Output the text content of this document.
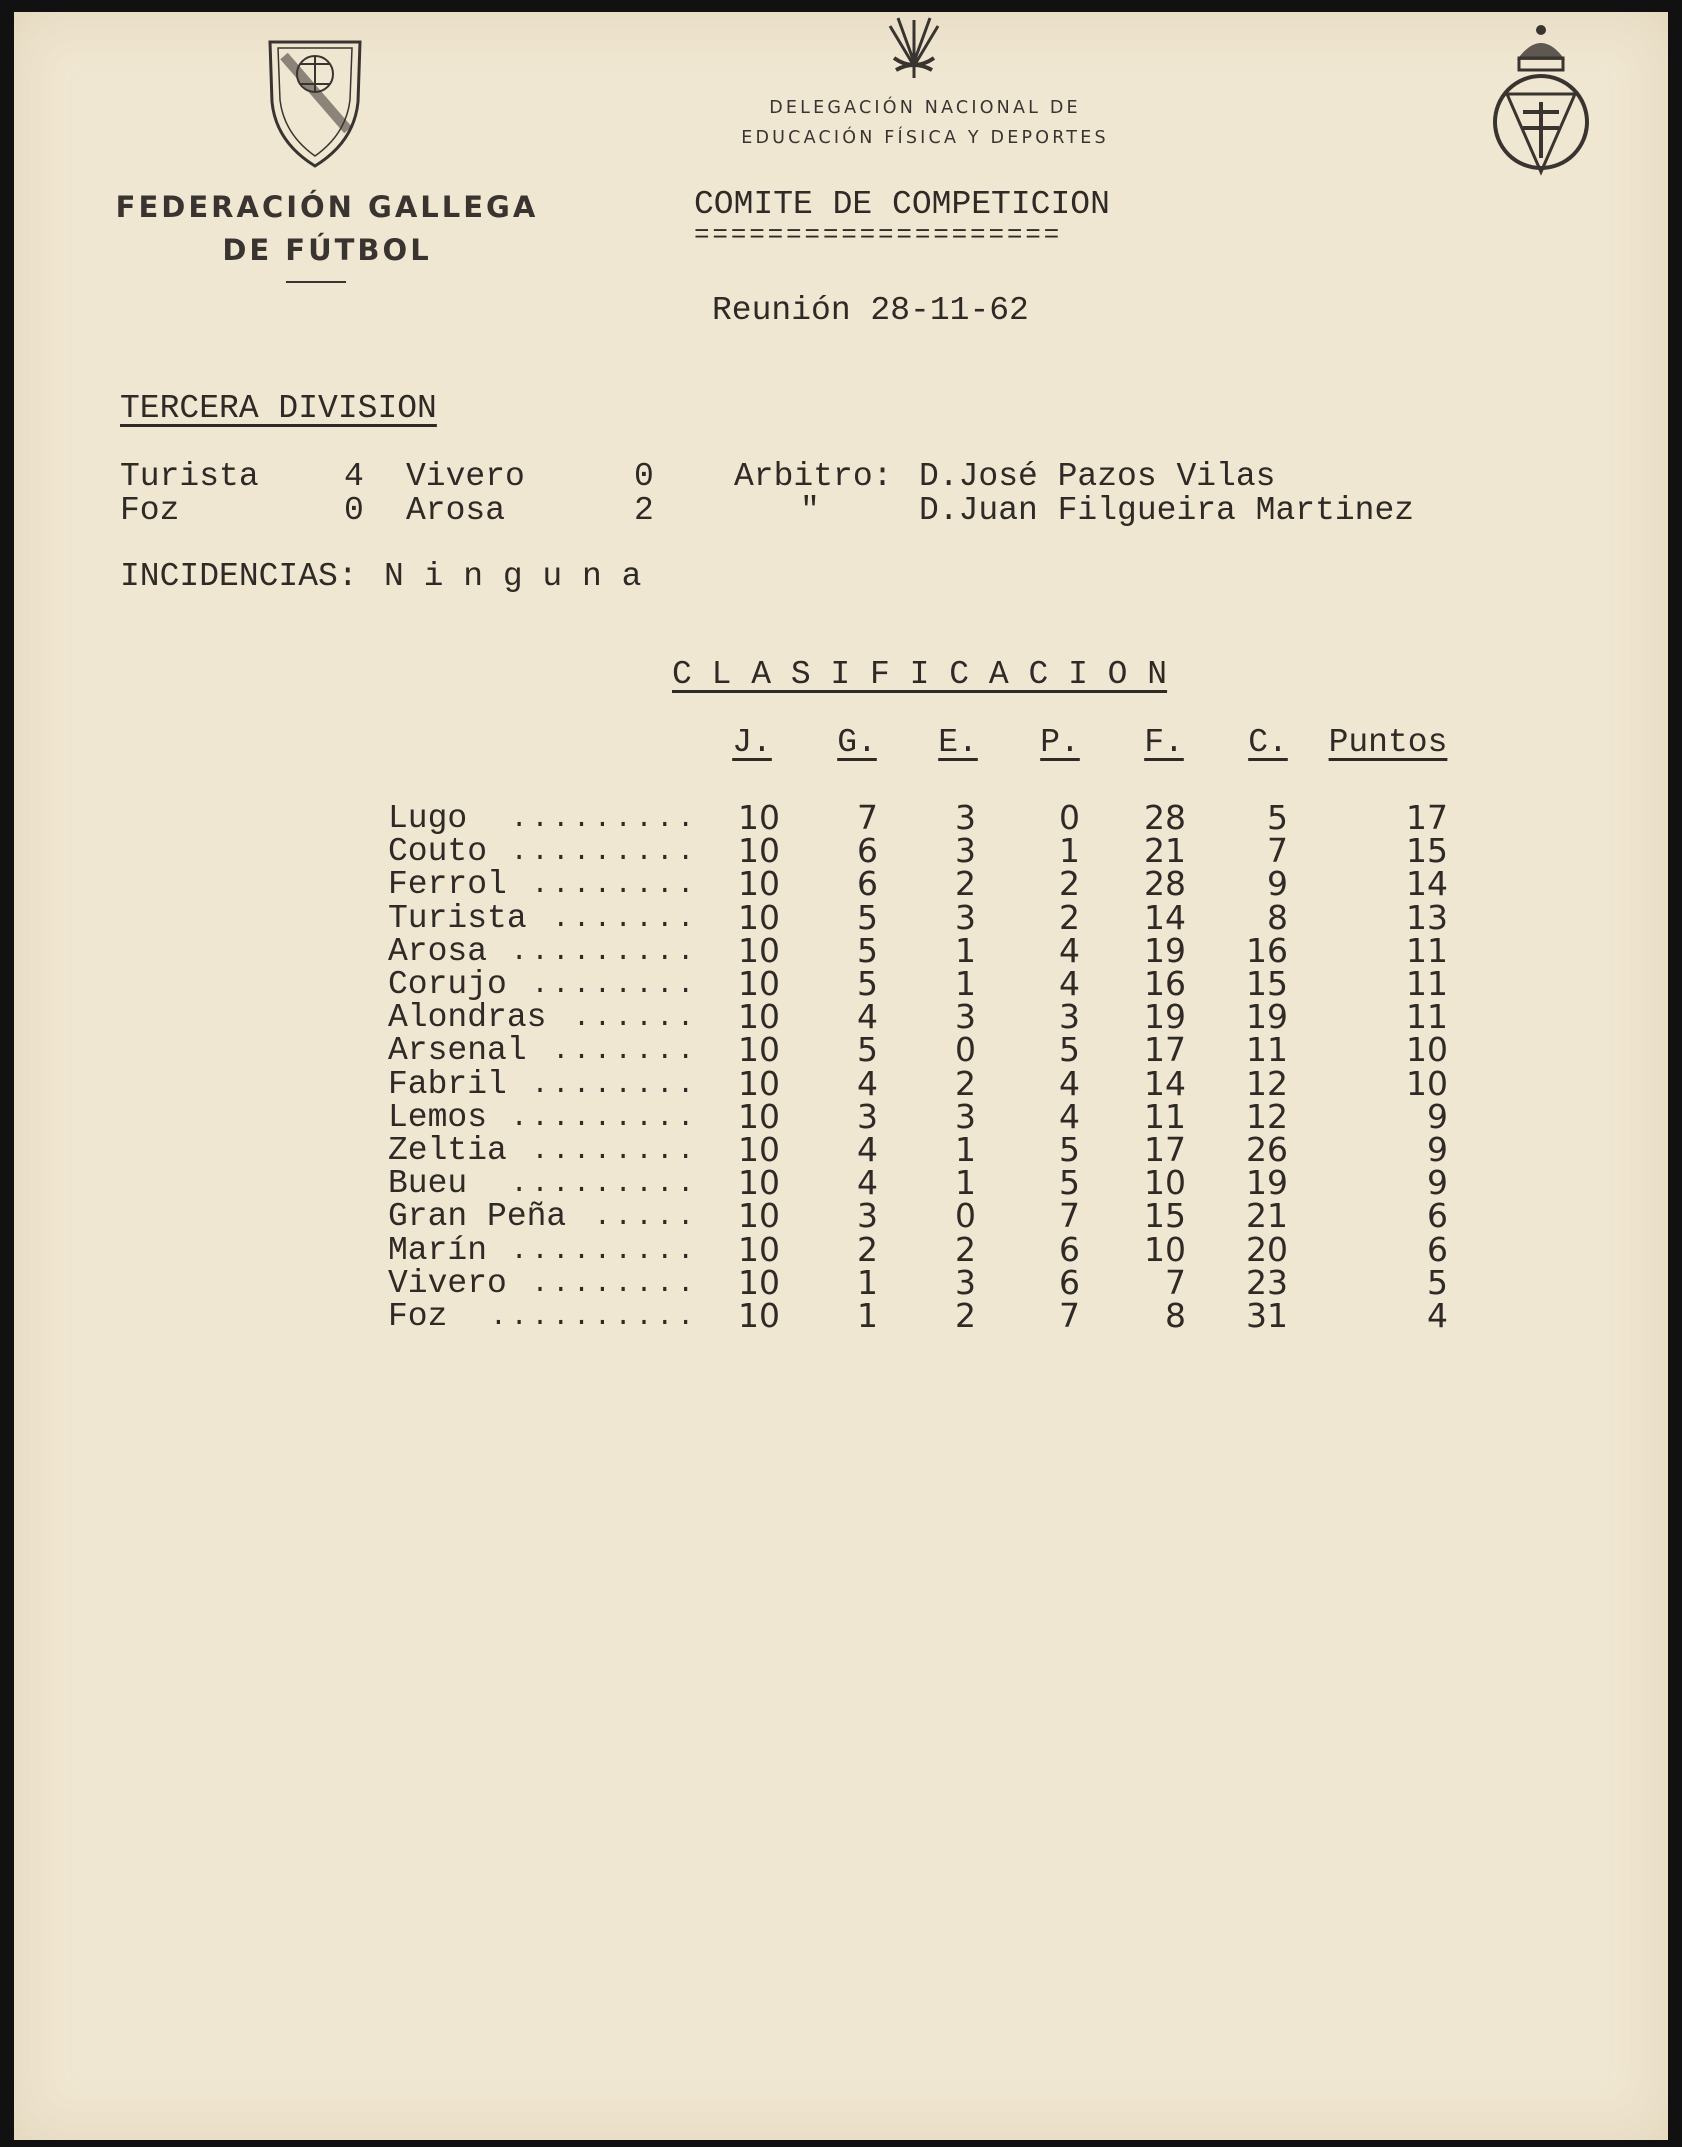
FEDERACIÓN GALLEGA
DE FÚTBOL
DELEGACIÓN NACIONAL DE
EDUCACIÓN FÍSICA Y DEPORTES
COMITE DE COMPETICION
====================
Reunión 28-11-62
TERCERA DIVISION
Turista	4 Vivero	0 Arbitro: D.José Pazos Vilas
Foz	0 Arosa	2	"	D.Juan Filgueira Martinez
INCIDENCIAS: N i n g u n a
C L A S I F I C A C I O N
J.	G.	E.	P.	F.	C.	Puntos
Lugo ......... 10 7 3	0 28 5	17
Couto ......... 10 6 3	1 21 7	15
Ferrol ........ 10 6 2	2 28 9	14
Turista ....... 10 5 3	2 14 8	13
Arosa ......... 10 5 1	4 19 16	11
Corujo ........ 10 5 1	4 16 15	11
Alondras ...... 10 4 3	3 19 19	11
Arsenal ....... 10 5 0	5 17 11	10
Fabril ........ 10 4 2	4 14 12	10
Lemos ......... 10 3 3	4 11 12	9
Zeltia ........ 10 4 1	5 17 26	9
Bueu ......... 10 4 1	5 10 19	9
Gran Peña ..... 10 3 0	7 15 21	6
Marín ......... 10 2 2	6 10 20	6
Vivero ........ 10 1 3	6	7 23	5
Foz .......... 10 1 2	7	8 31	4
